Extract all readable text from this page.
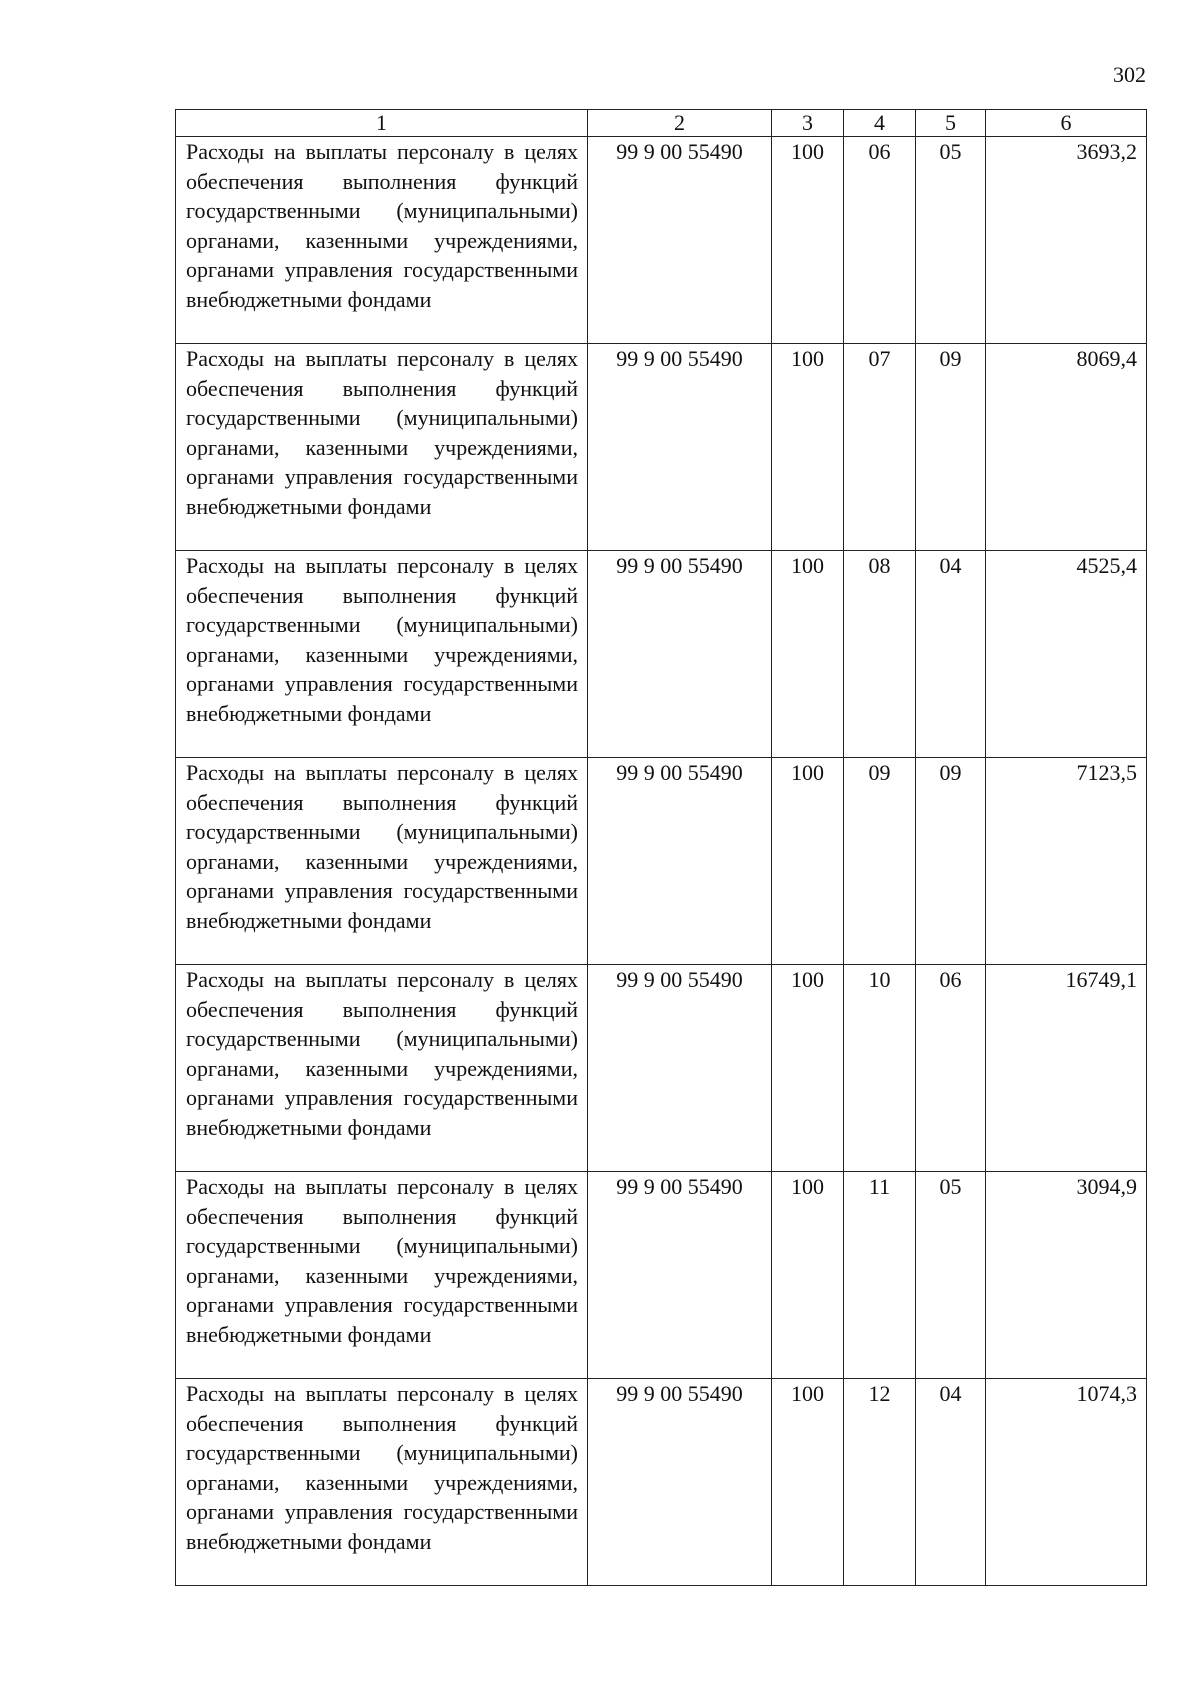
302
1	2	3	4	5	6
Расходы на выплаты персоналу в целях обеспечения выполнения функций государственными (муниципальными) органами, казенными учреждениями, органами управления государственными внебюджетными фондами	99 9 00 55490	100	06	05	3693,2
Расходы на выплаты персоналу в целях обеспечения выполнения функций государственными (муниципальными) органами, казенными учреждениями, органами управления государственными внебюджетными фондами	99 9 00 55490	100	07	09	8069,4
Расходы на выплаты персоналу в целях обеспечения выполнения функций государственными (муниципальными) органами, казенными учреждениями, органами управления государственными внебюджетными фондами	99 9 00 55490	100	08	04	4525,4
Расходы на выплаты персоналу в целях обеспечения выполнения функций государственными (муниципальными) органами, казенными учреждениями, органами управления государственными внебюджетными фондами	99 9 00 55490	100	09	09	7123,5
Расходы на выплаты персоналу в целях обеспечения выполнения функций государственными (муниципальными) органами, казенными учреждениями, органами управления государственными внебюджетными фондами	99 9 00 55490	100	10	06	16749,1
Расходы на выплаты персоналу в целях обеспечения выполнения функций государственными (муниципальными) органами, казенными учреждениями, органами управления государственными внебюджетными фондами	99 9 00 55490	100	11	05	3094,9
Расходы на выплаты персоналу в целях обеспечения выполнения функций государственными (муниципальными) органами, казенными учреждениями, органами управления государственными внебюджетными фондами	99 9 00 55490	100	12	04	1074,3
